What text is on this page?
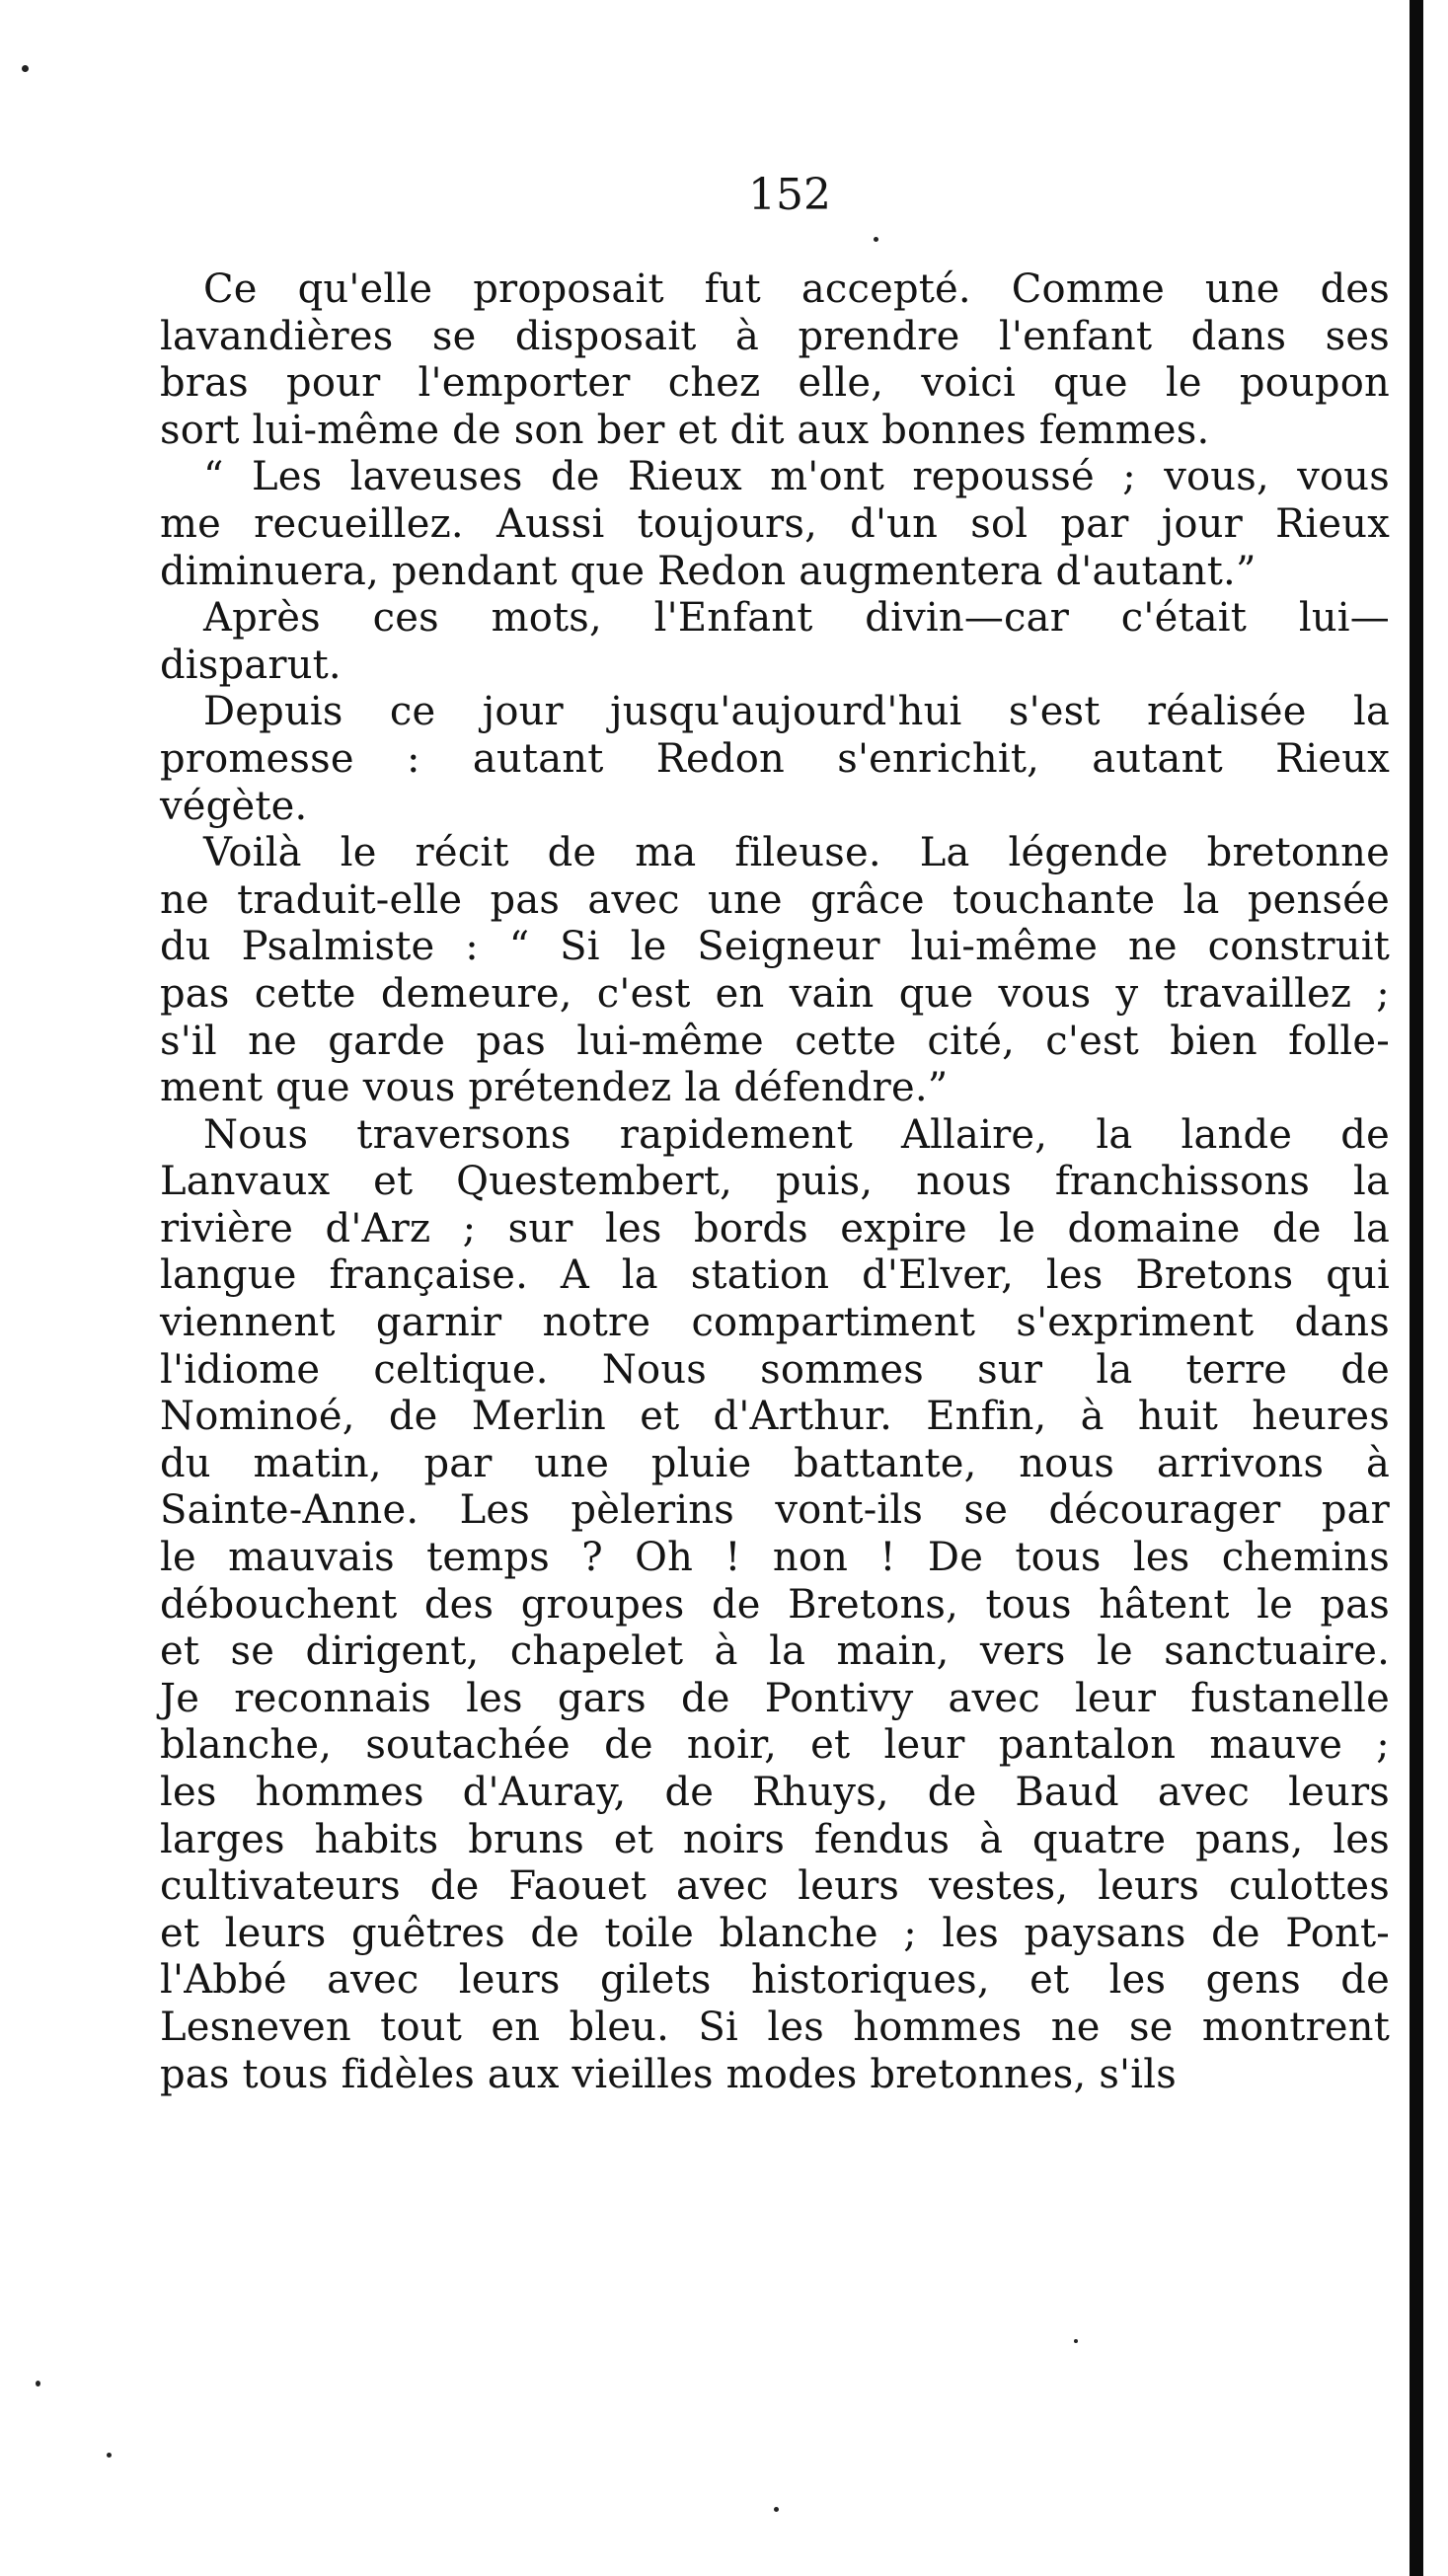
152
Ce qu'elle proposait fut accepté. Comme une des
lavandières se disposait à prendre l'enfant dans ses
bras pour l'emporter chez elle, voici que le poupon
sort lui-même de son ber et dit aux bonnes femmes.
“ Les laveuses de Rieux m'ont repoussé ; vous, vous
me recueillez. Aussi toujours, d'un sol par jour Rieux
diminuera, pendant que Redon augmentera d'autant.”
Après ces mots, l'Enfant divin—car c'était lui—
disparut.
Depuis ce jour jusqu'aujourd'hui s'est réalisée la
promesse : autant Redon s'enrichit, autant Rieux
végète.
Voilà le récit de ma fileuse. La légende bretonne
ne traduit-elle pas avec une grâce touchante la pensée
du Psalmiste : “ Si le Seigneur lui-même ne construit
pas cette demeure, c'est en vain que vous y travaillez ;
s'il ne garde pas lui-même cette cité, c'est bien folle-
ment que vous prétendez la défendre.”
Nous traversons rapidement Allaire, la lande de
Lanvaux et Questembert, puis, nous franchissons la
rivière d'Arz ; sur les bords expire le domaine de la
langue française. A la station d'Elver, les Bretons qui
viennent garnir notre compartiment s'expriment dans
l'idiome celtique. Nous sommes sur la terre de
Nominoé, de Merlin et d'Arthur. Enfin, à huit heures
du matin, par une pluie battante, nous arrivons à
Sainte-Anne. Les pèlerins vont-ils se décourager par
le mauvais temps ? Oh ! non ! De tous les chemins
débouchent des groupes de Bretons, tous hâtent le pas
et se dirigent, chapelet à la main, vers le sanctuaire.
Je reconnais les gars de Pontivy avec leur fustanelle
blanche, soutachée de noir, et leur pantalon mauve ;
les hommes d'Auray, de Rhuys, de Baud avec leurs
larges habits bruns et noirs fendus à quatre pans, les
cultivateurs de Faouet avec leurs vestes, leurs culottes
et leurs guêtres de toile blanche ; les paysans de Pont-
l'Abbé avec leurs gilets historiques, et les gens de
Lesneven tout en bleu. Si les hommes ne se montrent
pas tous fidèles aux vieilles modes bretonnes, s'ils
